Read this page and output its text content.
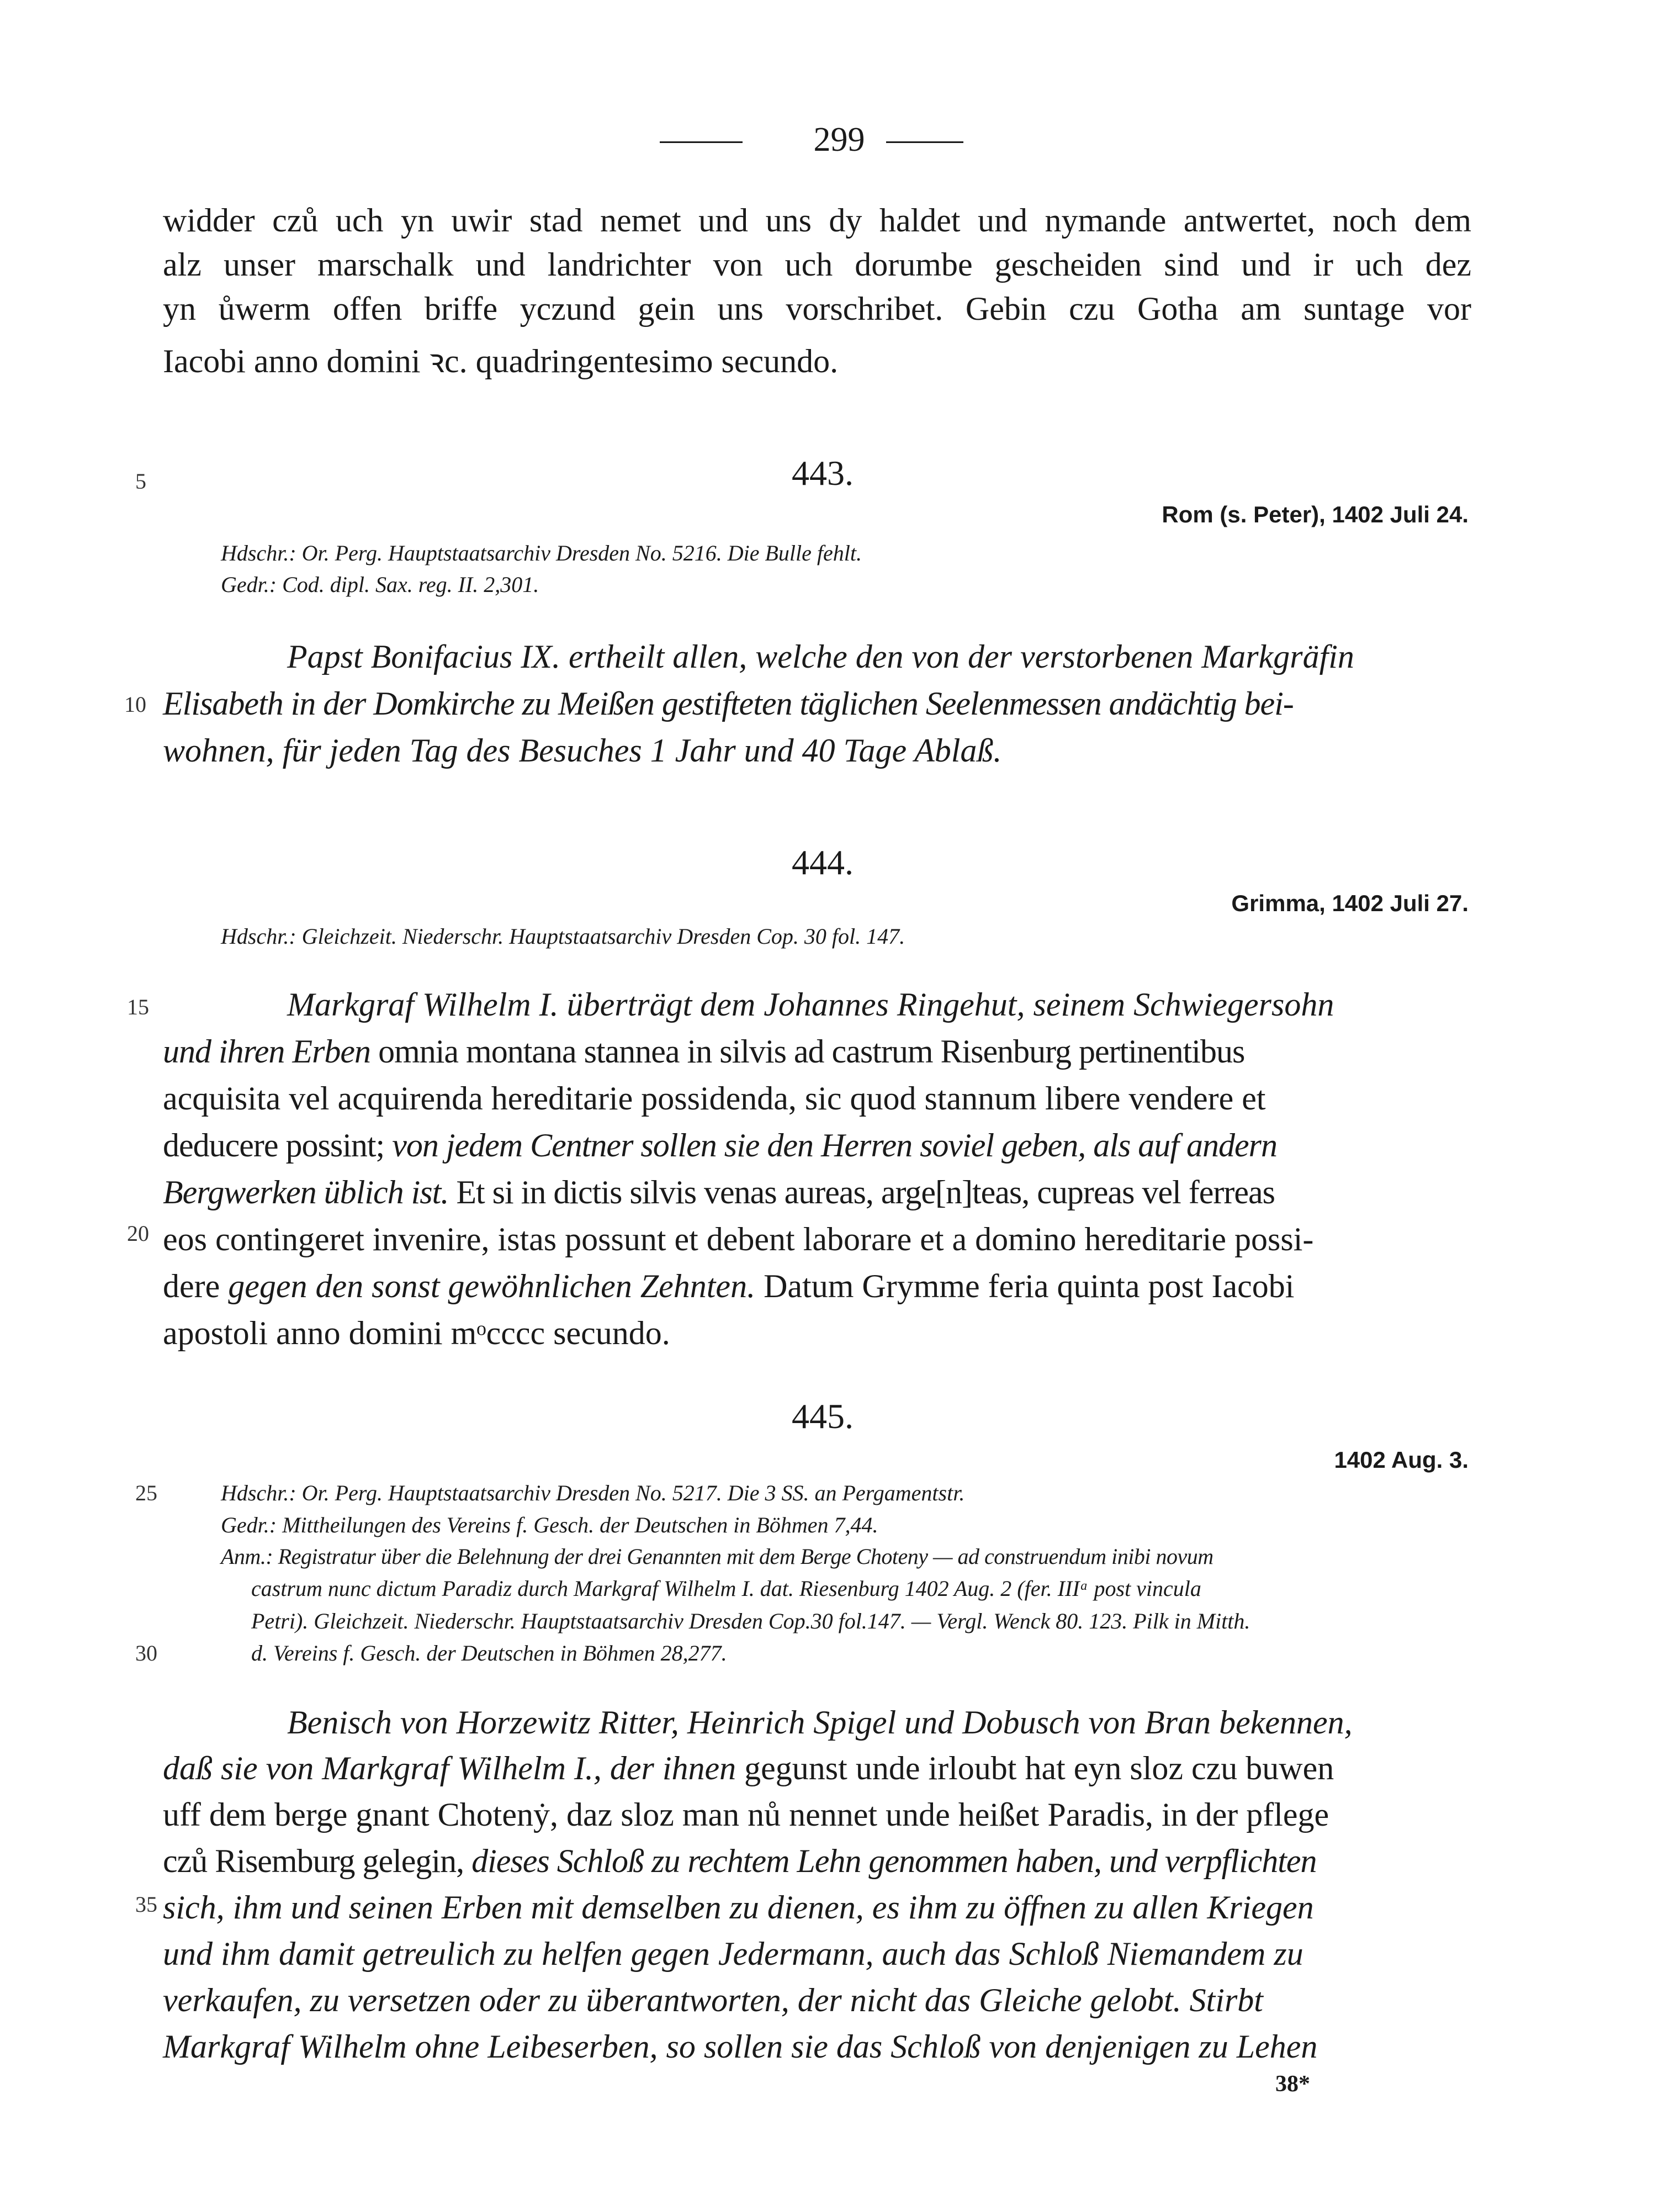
299
widder czů uch yn uwir stad nemet und uns dy haldet und nymande antwertet, noch dem
alz unser marschalk und landrichter von uch dorumbe gescheiden sind und ir uch dez
yn ůwerm offen briffe yczund gein uns vorschribet. Gebin czu Gotha am suntage vor
Iacobi anno domini ꝛc. quadringentesimo secundo.
5
10
15
20
25
30
35
443.
Rom (s. Peter), 1402 Juli 24.
Hdschr.: Or. Perg. Hauptstaatsarchiv Dresden No. 5216. Die Bulle fehlt.
Gedr.: Cod. dipl. Sax. reg. II. 2,301.
Papst Bonifacius IX. ertheilt allen, welche den von der verstorbenen Markgräfin
Elisabeth in der Domkirche zu Meißen gestifteten täglichen Seelenmessen andächtig bei-
wohnen, für jeden Tag des Besuches 1 Jahr und 40 Tage Ablaß.
444.
Grimma, 1402 Juli 27.
Hdschr.: Gleichzeit. Niederschr. Hauptstaatsarchiv Dresden Cop. 30 fol. 147.
Markgraf Wilhelm I. überträgt dem Johannes Ringehut, seinem Schwiegersohn
und ihren Erben omnia montana stannea in silvis ad castrum Risenburg pertinentibus
acquisita vel acquirenda hereditarie possidenda, sic quod stannum libere vendere et
deducere possint; von jedem Centner sollen sie den Herren soviel geben, als auf andern
Bergwerken üblich ist. Et si in dictis silvis venas aureas, arge[n]teas, cupreas vel ferreas
eos contingeret invenire, istas possunt et debent laborare et a domino hereditarie possi-
dere gegen den sonst gewöhnlichen Zehnten. Datum Grymme feria quinta post Iacobi
apostoli anno domini mᵒcccc secundo.
445.
1402 Aug. 3.
Hdschr.: Or. Perg. Hauptstaatsarchiv Dresden No. 5217. Die 3 SS. an Pergamentstr.
Gedr.: Mittheilungen des Vereins f. Gesch. der Deutschen in Böhmen 7,44.
Anm.: Registratur über die Belehnung der drei Genannten mit dem Berge Choteny — ad construendum inibi novum
castrum nunc dictum Paradiz durch Markgraf Wilhelm I. dat. Riesenburg 1402 Aug. 2 (fer. IIIᵃ post vincula
Petri). Gleichzeit. Niederschr. Hauptstaatsarchiv Dresden Cop.30 fol.147. — Vergl. Wenck 80. 123. Pilk in Mitth.
d. Vereins f. Gesch. der Deutschen in Böhmen 28,277.
Benisch von Horzewitz Ritter, Heinrich Spigel und Dobusch von Bran bekennen,
daß sie von Markgraf Wilhelm I., der ihnen gegunst unde irloubt hat eyn sloz czu buwen
uff dem berge gnant Chotenẏ, daz sloz man nů nennet unde heißet Paradis, in der pflege
czů Risemburg gelegin, dieses Schloß zu rechtem Lehn genommen haben, und verpflichten
sich, ihm und seinen Erben mit demselben zu dienen, es ihm zu öffnen zu allen Kriegen
und ihm damit getreulich zu helfen gegen Jedermann, auch das Schloß Niemandem zu
verkaufen, zu versetzen oder zu überantworten, der nicht das Gleiche gelobt. Stirbt
Markgraf Wilhelm ohne Leibeserben, so sollen sie das Schloß von denjenigen zu Lehen
38*
